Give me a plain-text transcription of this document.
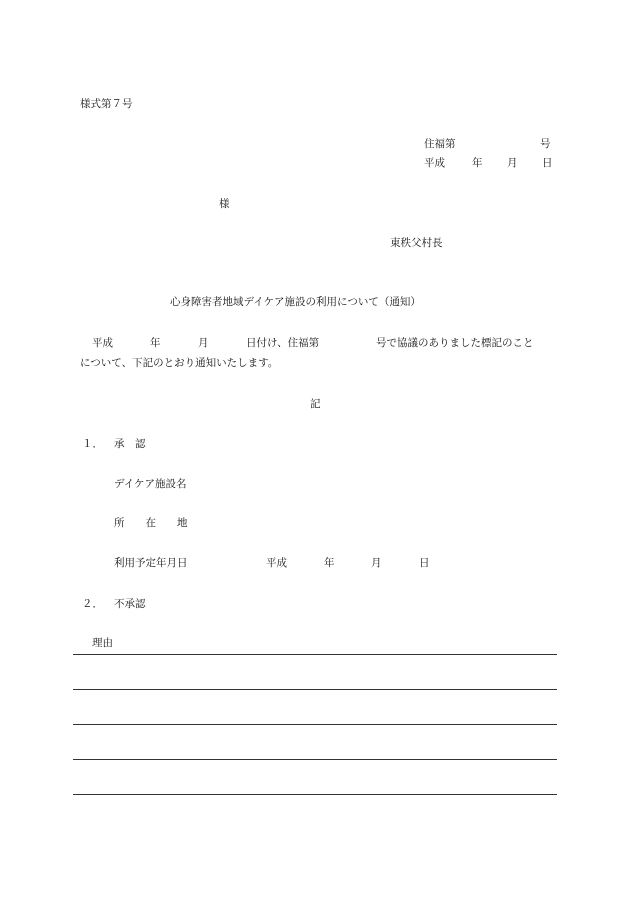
様式第７号
住福第	号
平成	年 月 日
様
東秩父村長
心身障害者地域デイケア施設の利用について（通知）
平成	年	月	日付け、住福第	号で協議のありました標記のこと
について、下記のとおり通知いたします。
記
１． 承　認
デイケア施設名
所　　在　　地
利用予定年月日	平成	年	月	日
２． 不承認
理由
